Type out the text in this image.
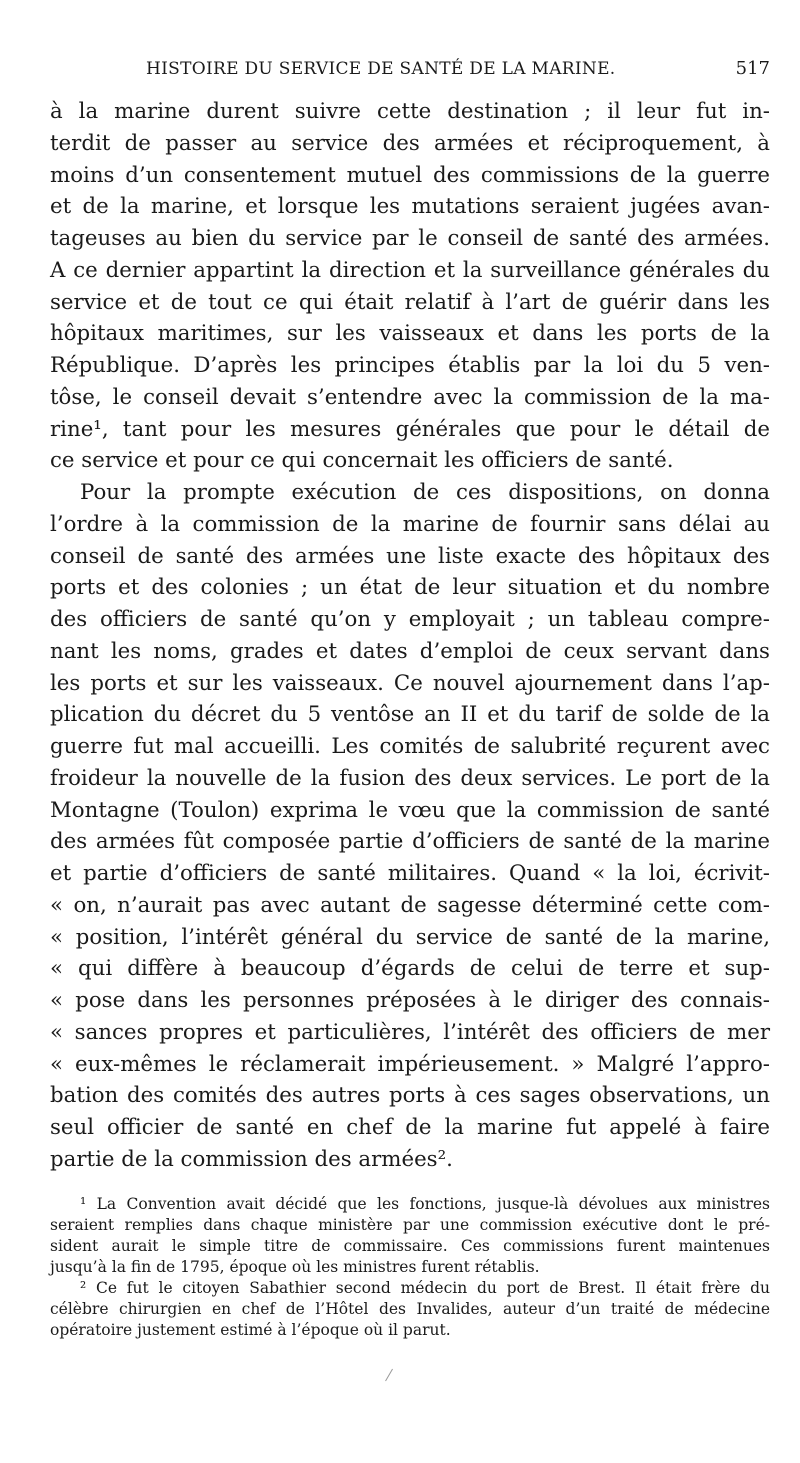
HISTOIRE DU SERVICE DE SANTÉ DE LA MARINE.	517
à la marine durent suivre cette destination ; il leur fut in-
terdit de passer au service des armées et réciproquement, à
moins d’un consentement mutuel des commissions de la guerre
et de la marine, et lorsque les mutations seraient jugées avan-
tageuses au bien du service par le conseil de santé des armées.
A ce dernier appartint la direction et la surveillance générales du
service et de tout ce qui était relatif à l’art de guérir dans les
hôpitaux maritimes, sur les vaisseaux et dans les ports de la
République. D’après les principes établis par la loi du 5 ven-
tôse, le conseil devait s’entendre avec la commission de la ma-
rine¹, tant pour les mesures générales que pour le détail de
ce service et pour ce qui concernait les officiers de santé.
Pour la prompte exécution de ces dispositions, on donna
l’ordre à la commission de la marine de fournir sans délai au
conseil de santé des armées une liste exacte des hôpitaux des
ports et des colonies ; un état de leur situation et du nombre
des officiers de santé qu’on y employait ; un tableau compre-
nant les noms, grades et dates d’emploi de ceux servant dans
les ports et sur les vaisseaux. Ce nouvel ajournement dans l’ap-
plication du décret du 5 ventôse an II et du tarif de solde de la
guerre fut mal accueilli. Les comités de salubrité reçurent avec
froideur la nouvelle de la fusion des deux services. Le port de la
Montagne (Toulon) exprima le vœu que la commission de santé
des armées fût composée partie d’officiers de santé de la marine
et partie d’officiers de santé militaires. Quand « la loi, écrivit-
« on, n’aurait pas avec autant de sagesse déterminé cette com-
« position, l’intérêt général du service de santé de la marine,
« qui diffère à beaucoup d’égards de celui de terre et sup-
« pose dans les personnes préposées à le diriger des connais-
« sances propres et particulières, l’intérêt des officiers de mer
« eux-mêmes le réclamerait impérieusement. » Malgré l’appro-
bation des comités des autres ports à ces sages observations, un
seul officier de santé en chef de la marine fut appelé à faire
partie de la commission des armées².
¹ La Convention avait décidé que les fonctions, jusque-là dévolues aux ministres
seraient remplies dans chaque ministère par une commission exécutive dont le pré-
sident aurait le simple titre de commissaire. Ces commissions furent maintenues
jusqu’à la fin de 1795, époque où les ministres furent rétablis.
² Ce fut le citoyen Sabathier second médecin du port de Brest. Il était frère du
célèbre chirurgien en chef de l’Hôtel des Invalides, auteur d’un traité de médecine
opératoire justement estimé à l’époque où il parut.
